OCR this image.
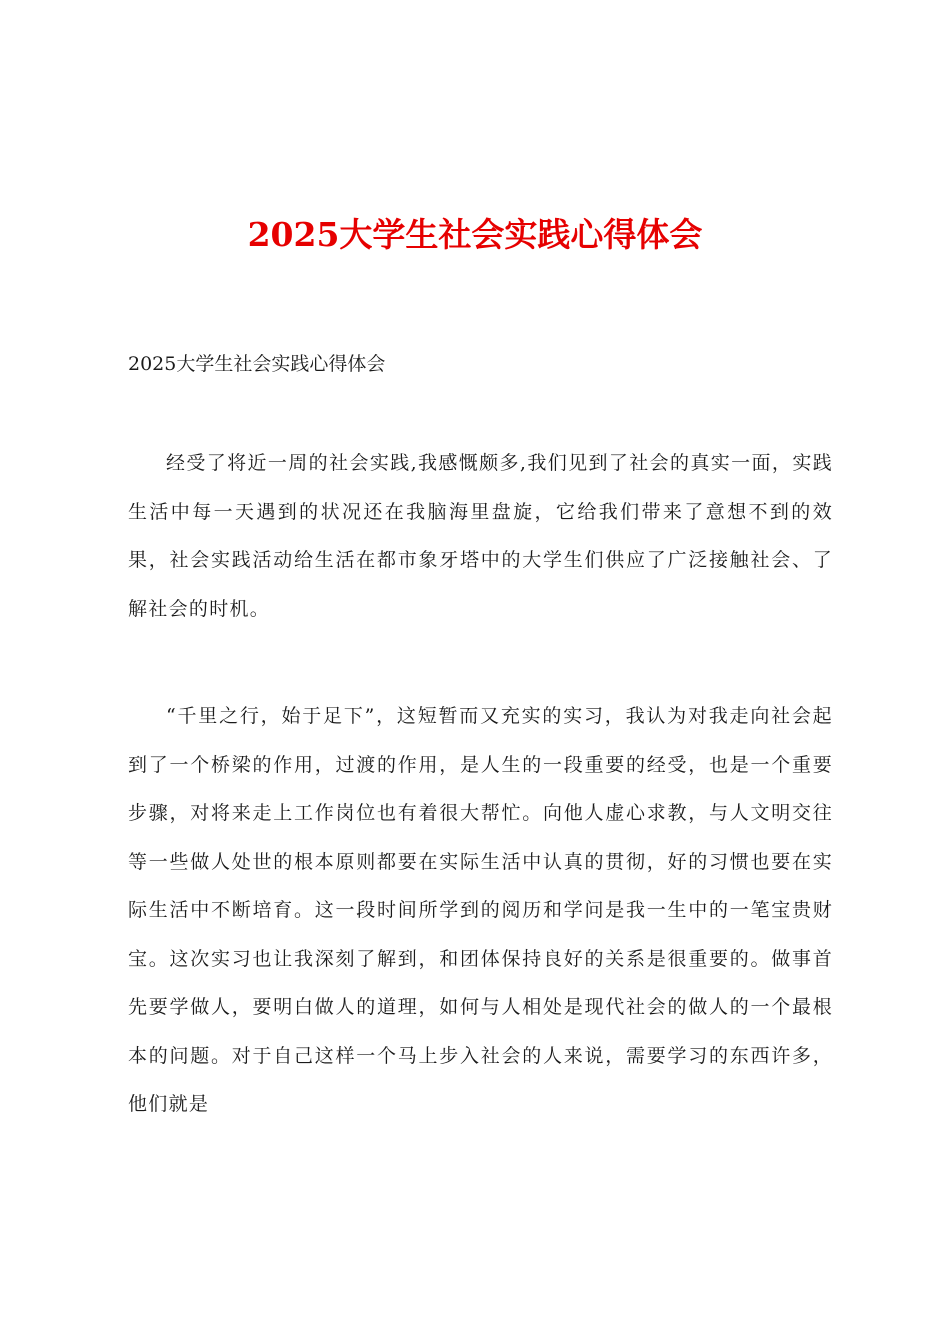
2025大学生社会实践心得体会

2025大学生社会实践心得体会

经受了将近一周的社会实践,我感慨颇多,我们见到了社会的真实一面，实践生活中每一天遇到的状况还在我脑海里盘旋，它给我们带来了意想不到的效果，社会实践活动给生活在都市象牙塔中的大学生们供应了广泛接触社会、了解社会的时机。

“千里之行，始于足下”，这短暂而又充实的实习，我认为对我走向社会起到了一个桥梁的作用，过渡的作用，是人生的一段重要的经受，也是一个重要步骤，对将来走上工作岗位也有着很大帮忙。向他人虚心求教，与人文明交往等一些做人处世的根本原则都要在实际生活中认真的贯彻，好的习惯也要在实际生活中不断培育。这一段时间所学到的阅历和学问是我一生中的一笔宝贵财宝。这次实习也让我深刻了解到，和团体保持良好的关系是很重要的。做事首先要学做人，要明白做人的道理，如何与人相处是现代社会的做人的一个最根本的问题。对于自己这样一个马上步入社会的人来说，需要学习的东西许多，他们就是
